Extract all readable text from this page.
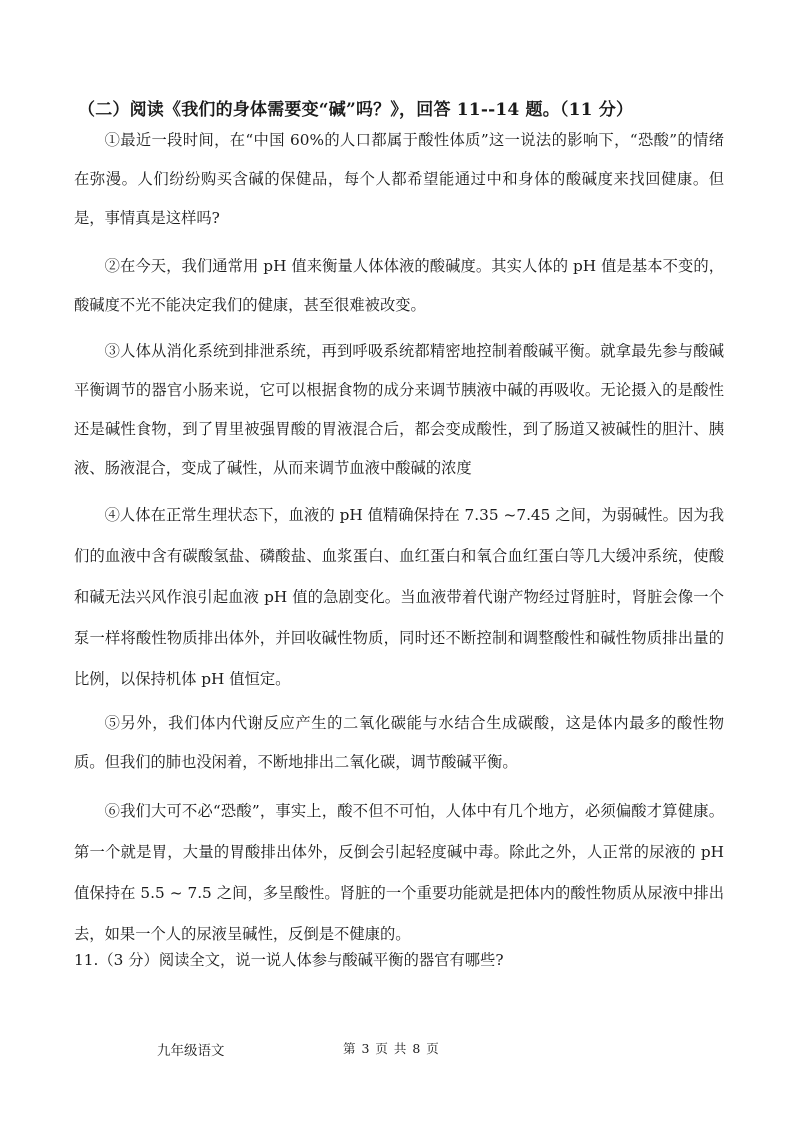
（二）阅读《我们的身体需要变“碱”吗？》，回答 11--14 题。（11 分）

①最近一段时间，在“中国 60%的人口都属于酸性体质”这一说法的影响下，“恐酸”的情绪在弥漫。人们纷纷购买含碱的保健品，每个人都希望能通过中和身体的酸碱度来找回健康。但是，事情真是这样吗?

②在今天，我们通常用 pH 值来衡量人体体液的酸碱度。其实人体的 pH 值是基本不变的，酸碱度不光不能决定我们的健康，甚至很难被改变。

③人体从消化系统到排泄系统，再到呼吸系统都精密地控制着酸碱平衡。就拿最先参与酸碱平衡调节的器官小肠来说，它可以根据食物的成分来调节胰液中碱的再吸收。无论摄入的是酸性还是碱性食物，到了胃里被强胃酸的胃液混合后，都会变成酸性，到了肠道又被碱性的胆汁、胰液、肠液混合，变成了碱性，从而来调节血液中酸碱的浓度

④人体在正常生理状态下，血液的 pH 值精确保持在 7.35 ~7.45 之间，为弱碱性。因为我们的血液中含有碳酸氢盐、磷酸盐、血浆蛋白、血红蛋白和氧合血红蛋白等几大缓冲系统，使酸和碱无法兴风作浪引起血液 pH 值的急剧变化。当血液带着代谢产物经过肾脏时，肾脏会像一个泵一样将酸性物质排出体外，并回收碱性物质，同时还不断控制和调整酸性和碱性物质排出量的比例，以保持机体 pH 值恒定。

⑤另外，我们体内代谢反应产生的二氧化碳能与水结合生成碳酸，这是体内最多的酸性物质。但我们的肺也没闲着，不断地排出二氧化碳，调节酸碱平衡。

⑥我们大可不必“恐酸”，事实上，酸不但不可怕，人体中有几个地方，必须偏酸才算健康。第一个就是胃，大量的胃酸排出体外，反倒会引起轻度碱中毒。除此之外，人正常的尿液的 pH 值保持在 5.5 ~ 7.5 之间，多呈酸性。肾脏的一个重要功能就是把体内的酸性物质从尿液中排出去，如果一个人的尿液呈碱性，反倒是不健康的。

11.（3 分）阅读全文，说一说人体参与酸碱平衡的器官有哪些?
九年级语文	第 3 页 共 8 页
